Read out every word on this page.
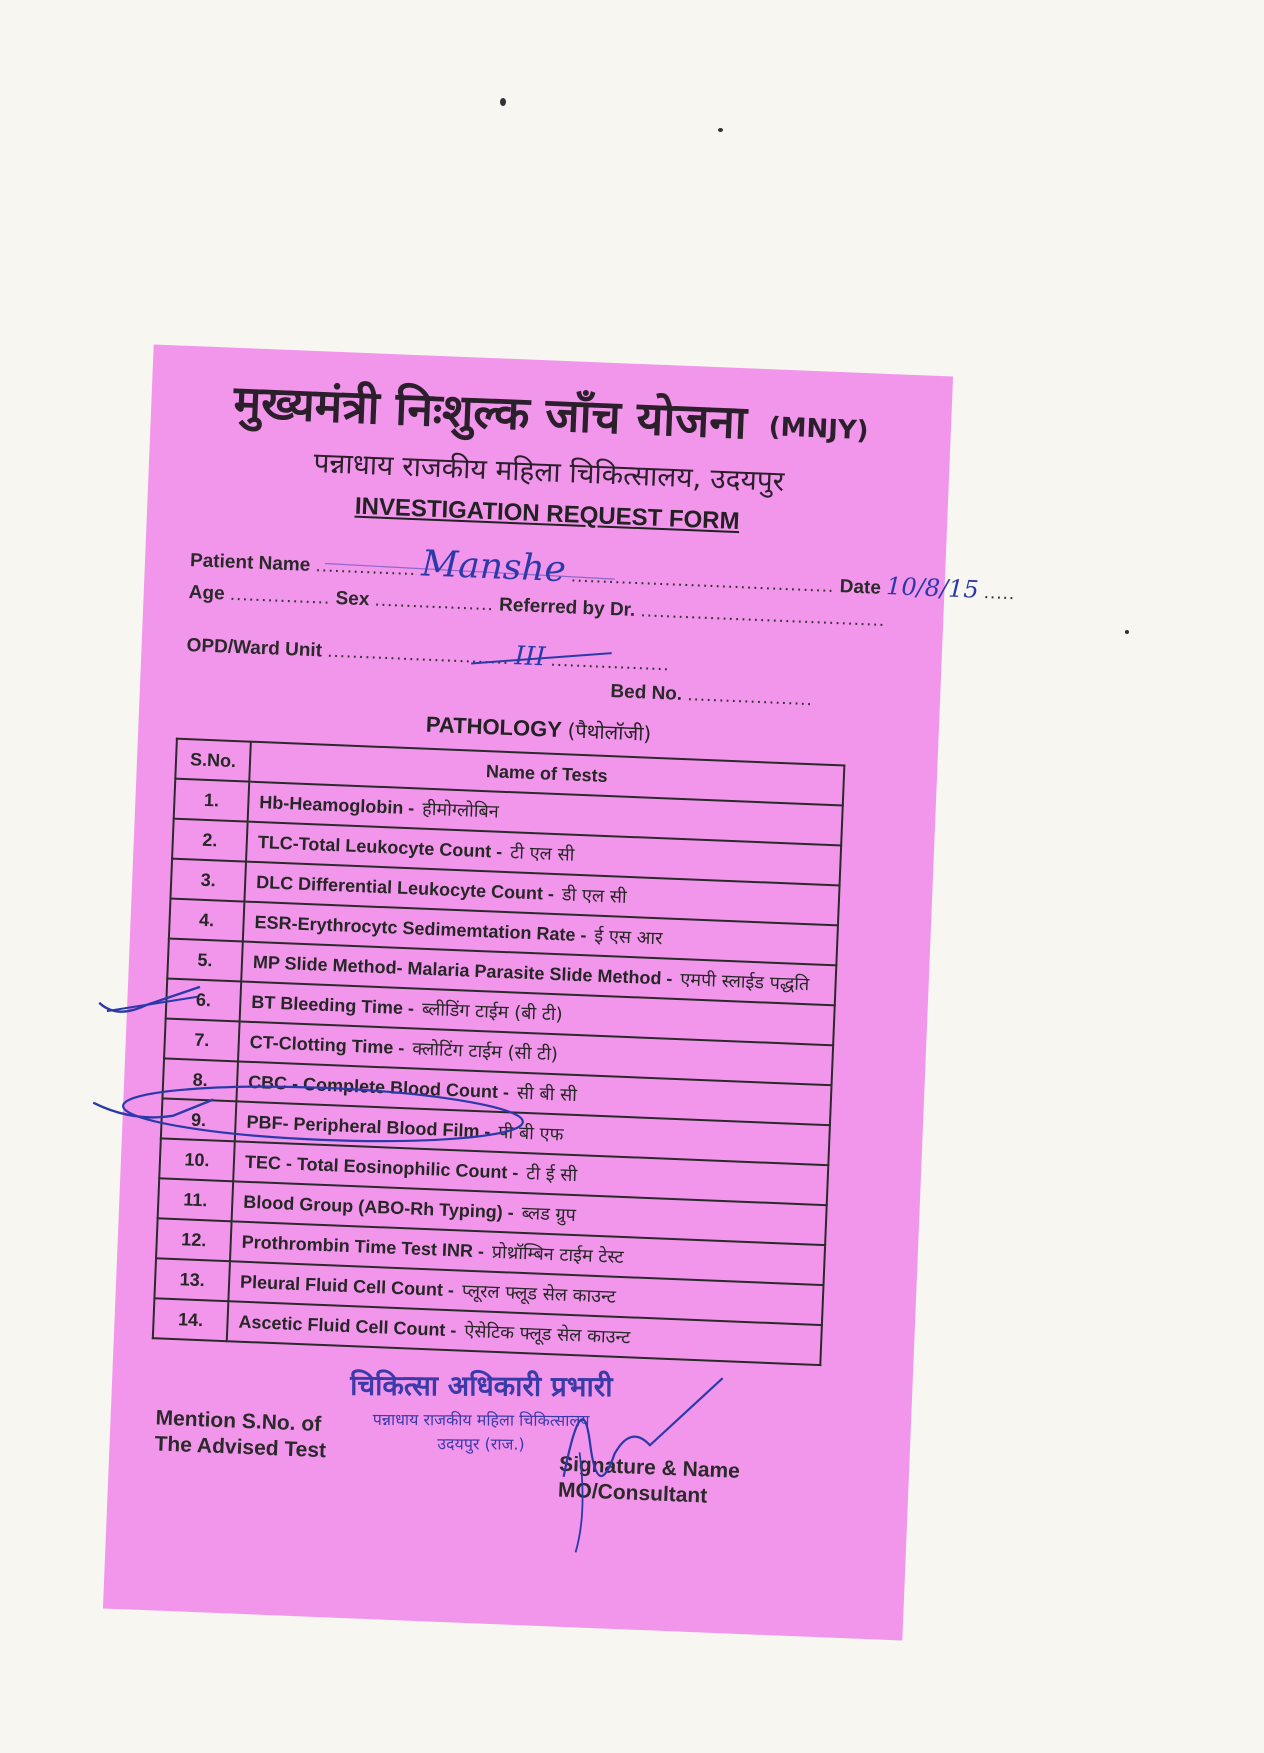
मुख्यमंत्री निःशुल्क जाँच योजना (MNJY)
पन्नाधाय राजकीय महिला चिकित्सालय, उदयपुर
INVESTIGATION REQUEST FORM
Patient Name ................ Manshe .......................................... Date 10/8/15 .....
Age ................ Sex ................... Referred by Dr. .......................................
OPD/Ward Unit ............................. III ...................
Bed No. ....................
PATHOLOGY (पैथोलॉजी)
S.No.	Name of Tests
1.	Hb-Heamoglobin - हीमोग्लोबिन
2.	TLC-Total Leukocyte Count - टी एल सी
3.	DLC Differential Leukocyte Count - डी एल सी
4.	ESR-Erythrocytc Sedimemtation Rate - ई एस आर
5.	MP Slide Method- Malaria Parasite Slide Method - एमपी स्लाईड पद्धति
6.	BT Bleeding Time - ब्लीडिंग टाईम (बी टी)
7.	CT-Clotting Time - क्लोटिंग टाईम (सी टी)
8.	CBC - Complete Blood Count - सी बी सी
9.	PBF- Peripheral Blood Film - पी बी एफ
10.	TEC - Total Eosinophilic Count - टी ई सी
11.	Blood Group (ABO-Rh Typing) - ब्लड ग्रुप
12.	Prothrombin Time Test INR - प्रोथ्रॉम्बिन टाईम टेस्ट
13.	Pleural Fluid Cell Count - प्लूरल फ्लूड सेल काउन्ट
14.	Ascetic Fluid Cell Count - ऐसेटिक फ्लूड सेल काउन्ट
चिकित्सा अधिकारी प्रभारी
पन्नाधाय राजकीय महिला चिकित्सालय
उदयपुर (राज.)
Mention S.No. of
The Advised Test
Signature & Name
MO/Consultant
